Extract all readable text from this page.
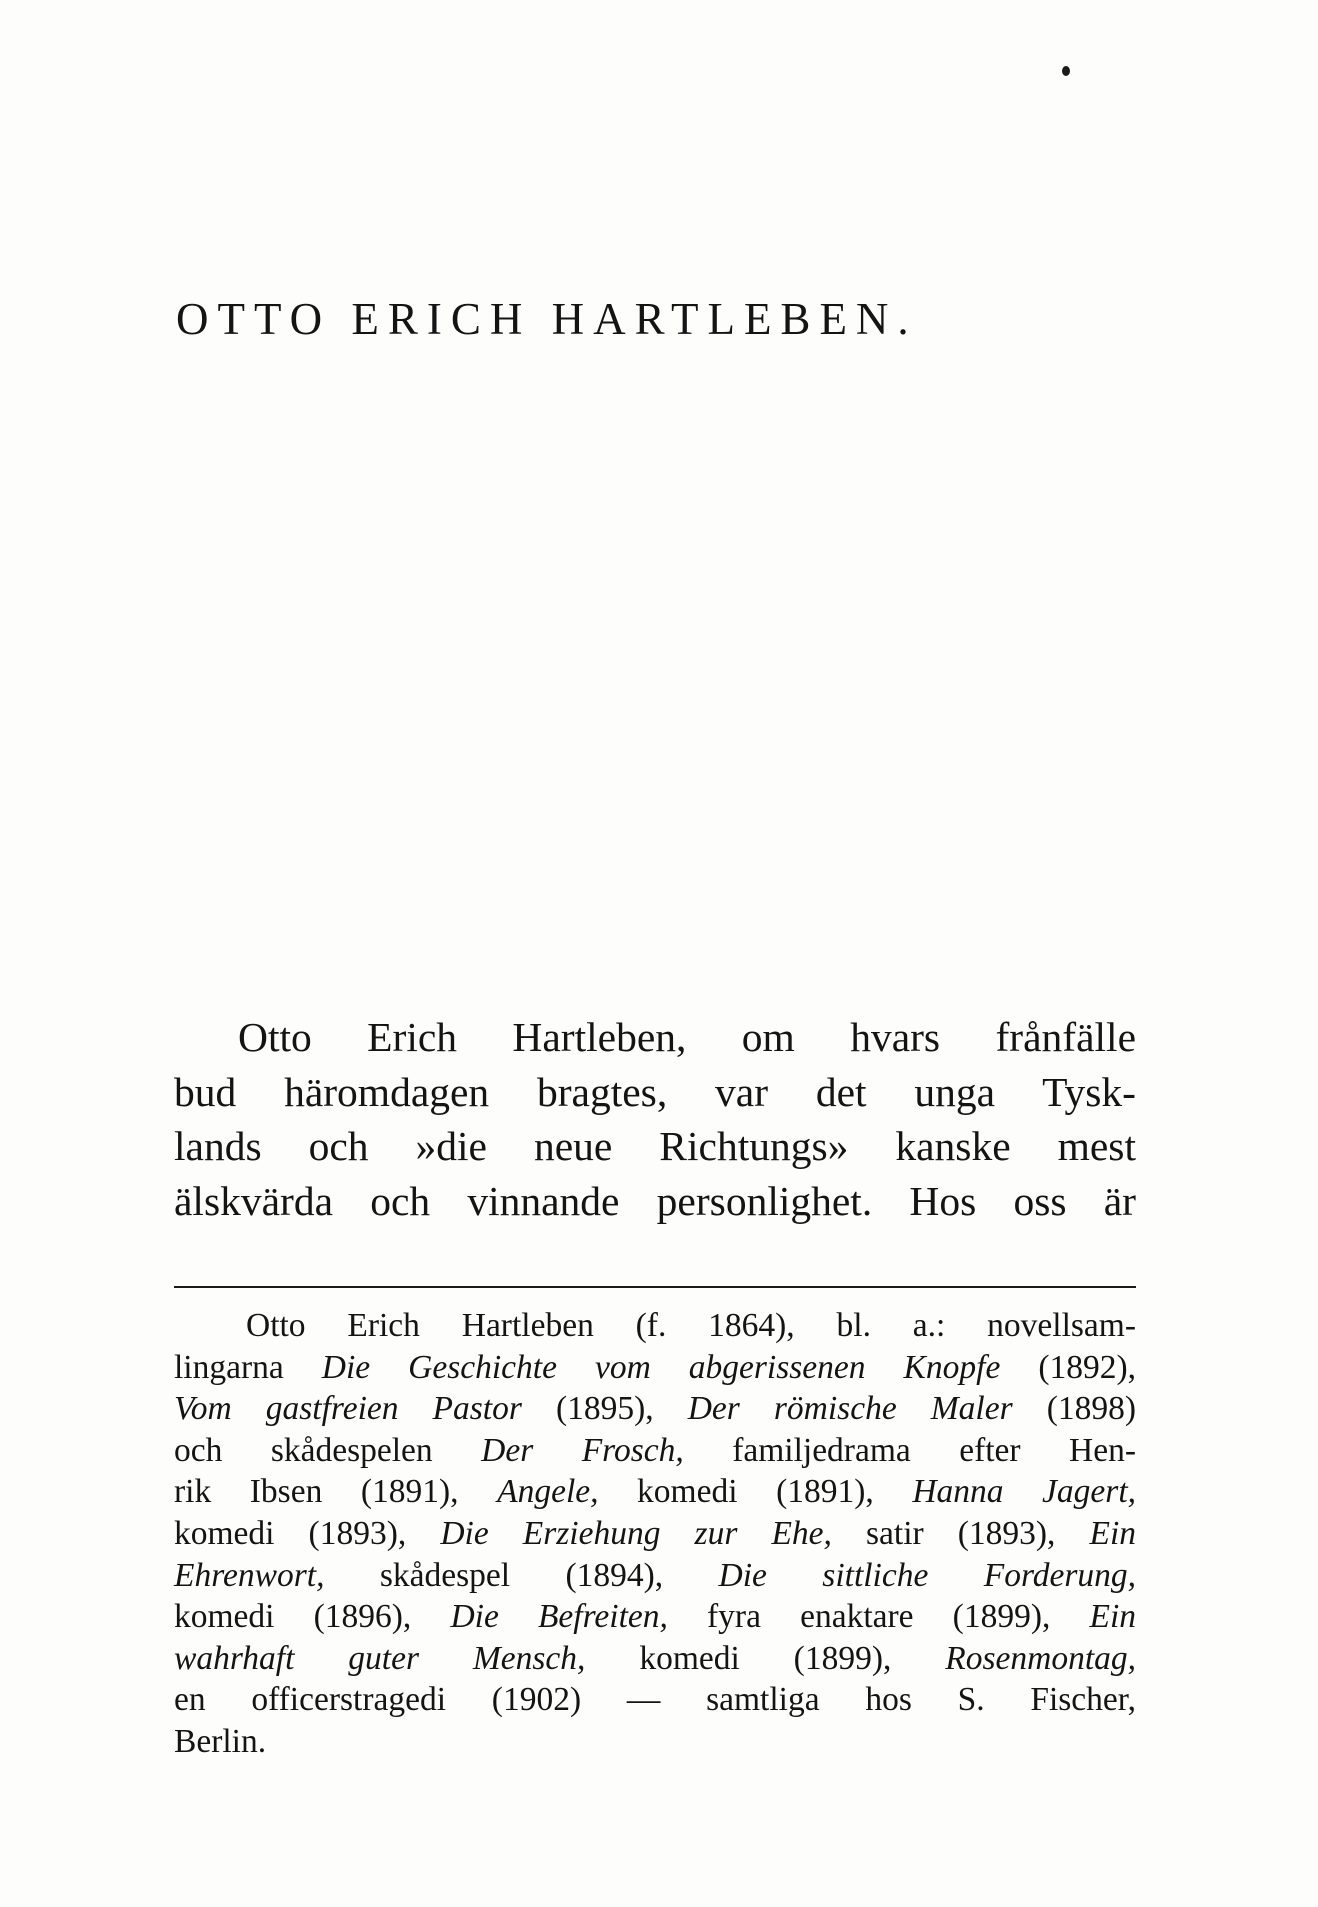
OTTO ERICH HARTLEBEN.

Otto Erich Hartleben, om hvars frånfälle
bud häromdagen bragtes, var det unga Tysk-
lands och »die neue Richtungs» kanske mest
älskvärda och vinnande personlighet. Hos oss är

Otto Erich Hartleben (f. 1864), bl. a.: novellsam-
lingarna Die Geschichte vom abgerissenen Knopfe (1892),
Vom gastfreien Pastor (1895), Der römische Maler (1898)
och skådespelen Der Frosch, familjedrama efter Hen-
rik Ibsen (1891), Angele, komedi (1891), Hanna Jagert,
komedi (1893), Die Erziehung zur Ehe, satir (1893), Ein
Ehrenwort, skådespel (1894), Die sittliche Forderung,
komedi (1896), Die Befreiten, fyra enaktare (1899), Ein
wahrhaft guter Mensch, komedi (1899), Rosenmontag,
en officerstragedi (1902) — samtliga hos S. Fischer,
Berlin.
